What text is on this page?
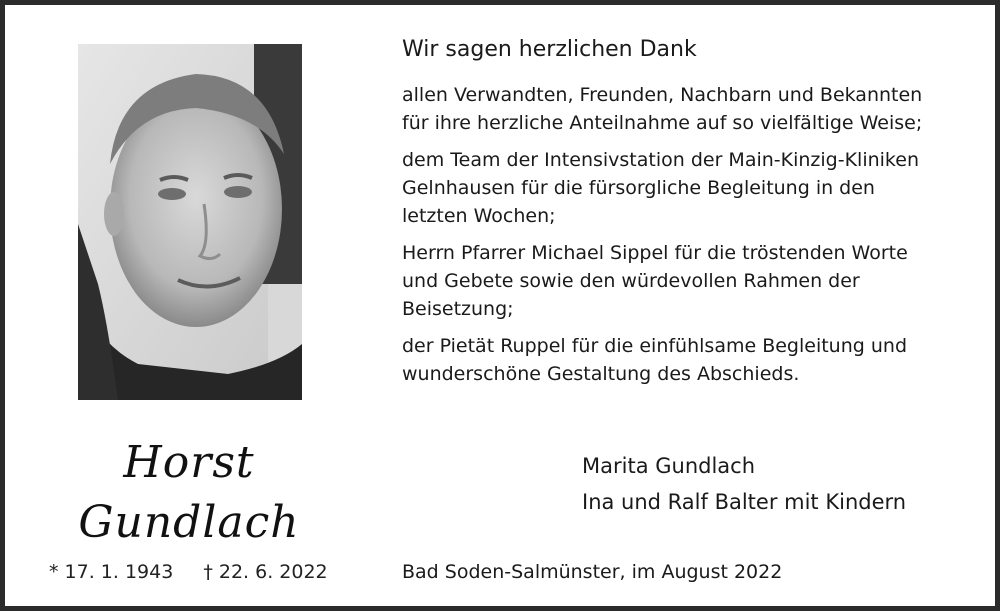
Horst
Gundlach
* 17. 1. 1943 † 22. 6. 2022
Wir sagen herzlichen Dank
allen Verwandten, Freunden, Nachbarn und Bekannten
für ihre herzliche Anteilnahme auf so vielfältige Weise;
dem Team der Intensivstation der Main-Kinzig-Kliniken
Gelnhausen für die fürsorgliche Begleitung in den
letzten Wochen;
Herrn Pfarrer Michael Sippel für die tröstenden Worte
und Gebete sowie den würdevollen Rahmen der
Beisetzung;
der Pietät Ruppel für die einfühlsame Begleitung und
wunderschöne Gestaltung des Abschieds.
Marita Gundlach
Ina und Ralf Balter mit Kindern
Bad Soden-Salmünster, im August 2022
